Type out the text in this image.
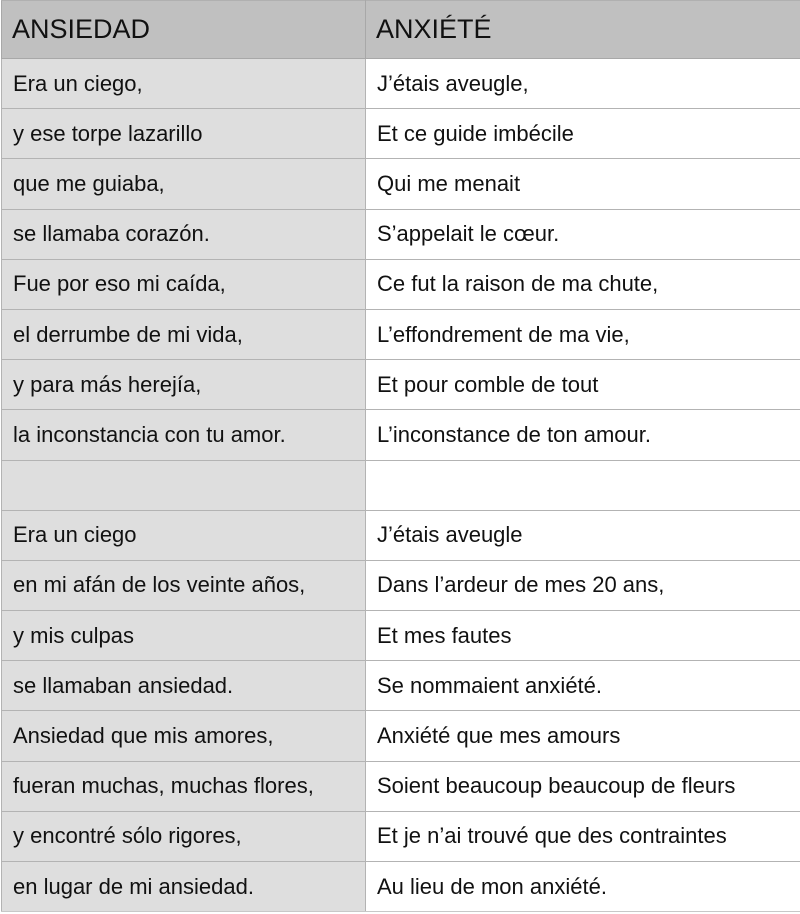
ANSIEDAD	ANXIÉTÉ
Era un ciego,	J’étais aveugle,
y ese torpe lazarillo	Et ce guide imbécile
que me guiaba,	Qui me menait
se llamaba corazón.	S’appelait le cœur.
Fue por eso mi caída,	Ce fut la raison de ma chute,
el derrumbe de mi vida,	L’effondrement de ma vie,
y para más herejía,	Et pour comble de tout
la inconstancia con tu amor.	L’inconstance de ton amour.

Era un ciego	J’étais aveugle
en mi afán de los veinte años,	Dans l’ardeur de mes 20 ans,
y mis culpas	Et mes fautes
se llamaban ansiedad.	Se nommaient anxiété.
Ansiedad que mis amores,	Anxiété que mes amours
fueran muchas, muchas flores,	Soient beaucoup beaucoup de fleurs
y encontré sólo rigores,	Et je n’ai trouvé que des contraintes
en lugar de mi ansiedad.	Au lieu de mon anxiété.
